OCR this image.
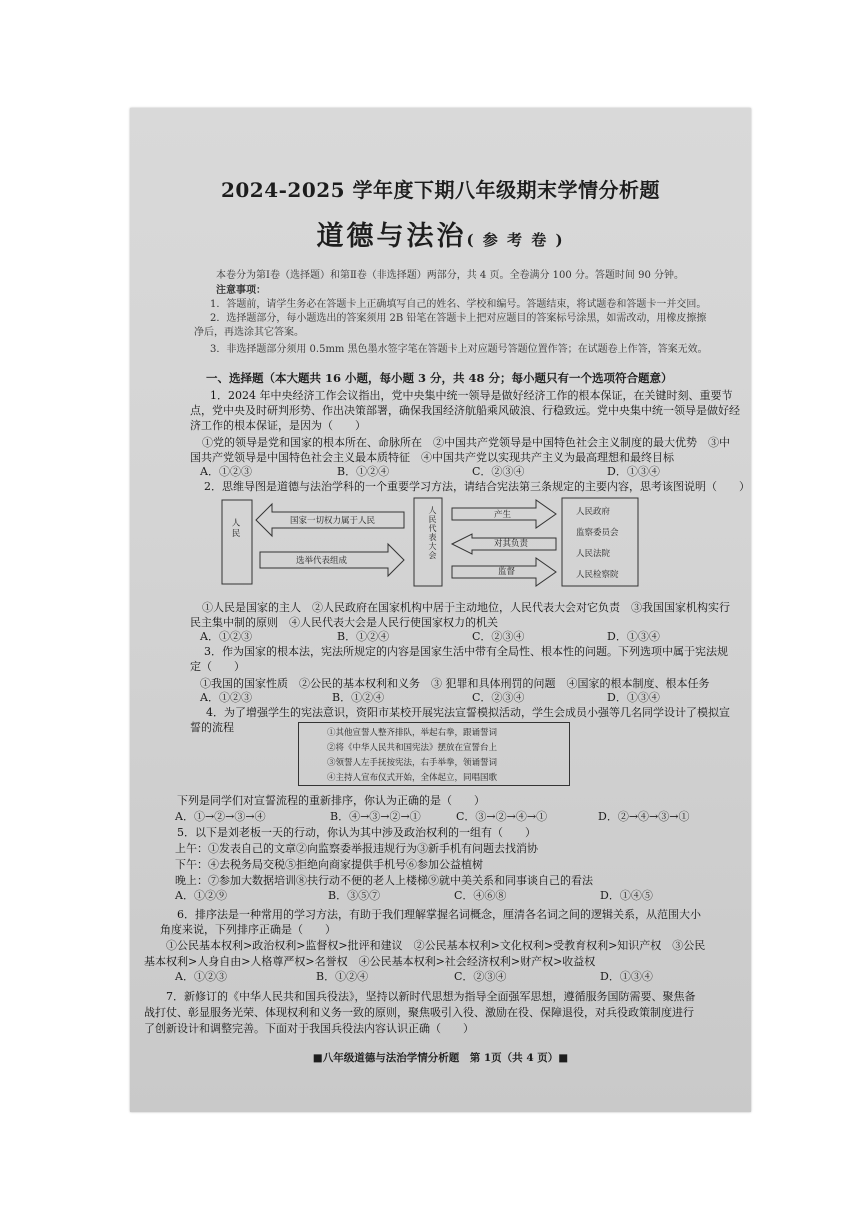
2024-2025 学年度下期八年级期末学情分析题
道德与法治( 参 考 卷 )
本卷分为第Ⅰ卷（选择题）和第Ⅱ卷（非选择题）两部分，共 4 页。全卷满分 100 分。答题时间 90 分钟。
注意事项：
1．答题前，请学生务必在答题卡上正确填写自己的姓名、学校和编号。答题结束，将试题卷和答题卡一并交回。
2．选择题部分，每小题选出的答案须用 2B 铅笔在答题卡上把对应题目的答案标号涂黑，如需改动，用橡皮擦擦
净后，再选涂其它答案。
3．非选择题部分须用 0.5mm 黑色墨水签字笔在答题卡上对应题号答题位置作答；在试题卷上作答，答案无效。
一、选择题（本大题共 16 小题，每小题 3 分，共 48 分；每小题只有一个选项符合题意）
1．2024 年中央经济工作会议指出，党中央集中统一领导是做好经济工作的根本保证，在关键时刻、重要节
点，党中央及时研判形势、作出决策部署，确保我国经济航船乘风破浪、行稳致远。党中央集中统一领导是做好经
济工作的根本保证，是因为（　　）
①党的领导是党和国家的根本所在、命脉所在　②中国共产党领导是中国特色社会主义制度的最大优势　③中
国共产党领导是中国特色社会主义最本质特征　④中国共产党以实现共产主义为最高理想和最终目标
A．①②③	B．①②④	C．②③④	D．①③④
2．思维导图是道德与法治学科的一个重要学习方法，请结合宪法第三条规定的主要内容，思考该图说明（　　）
人民	国家一切权力属于人民
选举代表组成
人民代表大会	产生
对其负责
监督
人民政府
监察委员会
人民法院
人民检察院
①人民是国家的主人　②人民政府在国家机构中居于主动地位，人民代表大会对它负责　③我国国家机构实行
民主集中制的原则　④人民代表大会是人民行使国家权力的机关
A．①②③	B．①②④	C．②③④	D．①③④
3．作为国家的根本法，宪法所规定的内容是国家生活中带有全局性、根本性的问题。下列选项中属于宪法规
定（　　）
①我国的国家性质　②公民的基本权利和义务　③ 犯罪和具体刑罚的问题　④国家的根本制度、根本任务
A．①②③	B．①②④	C．②③④	D．①③④
4．为了增强学生的宪法意识，资阳市某校开展宪法宣誓模拟活动，学生会成员小强等几名同学设计了模拟宣
誓的流程	①其他宣誓人整齐排队，举起右拳，跟诵誓词
②将《中华人民共和国宪法》摆放在宣誓台上
③领誓人左手抚按宪法，右手举拳，领诵誓词
④主持人宣布仪式开始，全体起立，同唱国歌
下列是同学们对宣誓流程的重新排序，你认为正确的是（　　）
A．①→②→③→④	B．④→③→②→①	C．③→②→④→①	D．②→④→③→①
5．以下是刘老板一天的行动，你认为其中涉及政治权利的一组有（　　）
上午：①发表自己的文章②向监察委举报违规行为③新手机有问题去找消协
下午：④去税务局交税⑤拒绝向商家提供手机号⑥参加公益植树
晚上：⑦参加大数据培训⑧扶行动不便的老人上楼梯⑨就中美关系和同事谈自己的看法
A．①②⑨	B．③⑤⑦	C．④⑥⑧	D．①④⑤
6．排序法是一种常用的学习方法，有助于我们理解掌握名词概念，厘清各名词之间的逻辑关系，从范围大小
角度来说，下列排序正确是（　　）
①公民基本权利>政治权利>监督权>批评和建议　②公民基本权利>文化权利>受教育权利>知识产权　③公民
基本权利>人身自由>人格尊严权>名誉权　④公民基本权利>社会经济权利>财产权>收益权
A．①②③	B．①②④	C．②③④	D．①③④
7．新修订的《中华人民共和国兵役法》，坚持以新时代思想为指导全面强军思想，遵循服务国防需要、聚焦备
战打仗、彰显服务光荣、体现权利和义务一致的原则，聚焦吸引入役、激励在役、保障退役，对兵役政策制度进行
了创新设计和调整完善。下面对于我国兵役法内容认识正确（　　）
■八年级道德与法治学情分析题　第 1页（共 4 页）■
